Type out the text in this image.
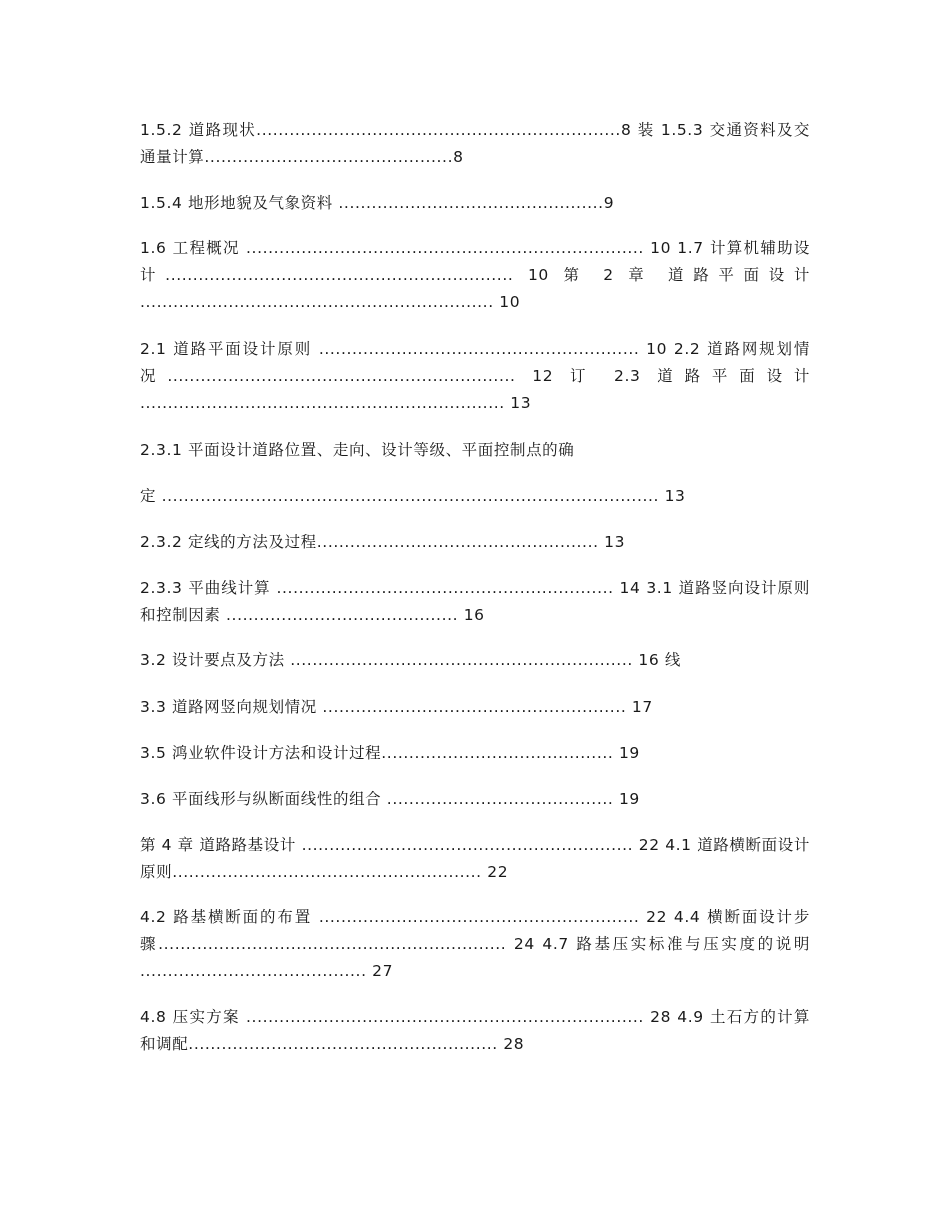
1.5.2 道路现状..................................................................8 装 1.5.3 交通资料及交通量计算.............................................8

1.5.4 地形地貌及气象资料 ................................................9

1.6 工程概况 ........................................................................ 10 1.7 计算机辅助设计............................................................... 10 第 2 章 道路平面设计 ................................................................ 10

2.1 道路平面设计原则 .......................................................... 10 2.2 道路网规划情况............................................................... 12 订 2.3 道路平面设计 .................................................................. 13

2.3.1 平面设计道路位置、走向、设计等级、平面控制点的确

定 .......................................................................................... 13

2.3.2 定线的方法及过程................................................... 13

2.3.3 平曲线计算 ............................................................. 14 3.1 道路竖向设计原则和控制因素 .......................................... 16

3.2 设计要点及方法 .............................................................. 16 线

3.3 道路网竖向规划情况 ....................................................... 17

3.5 鸿业软件设计方法和设计过程.......................................... 19

3.6 平面线形与纵断面线性的组合 ......................................... 19

第 4 章 道路路基设计 ............................................................ 22 4.1 道路横断面设计原则........................................................ 22

4.2 路基横断面的布置 .......................................................... 22 4.4 横断面设计步骤............................................................... 24 4.7 路基压实标准与压实度的说明 ......................................... 27

4.8 压实方案 ........................................................................ 28 4.9 土石方的计算和调配........................................................ 28
